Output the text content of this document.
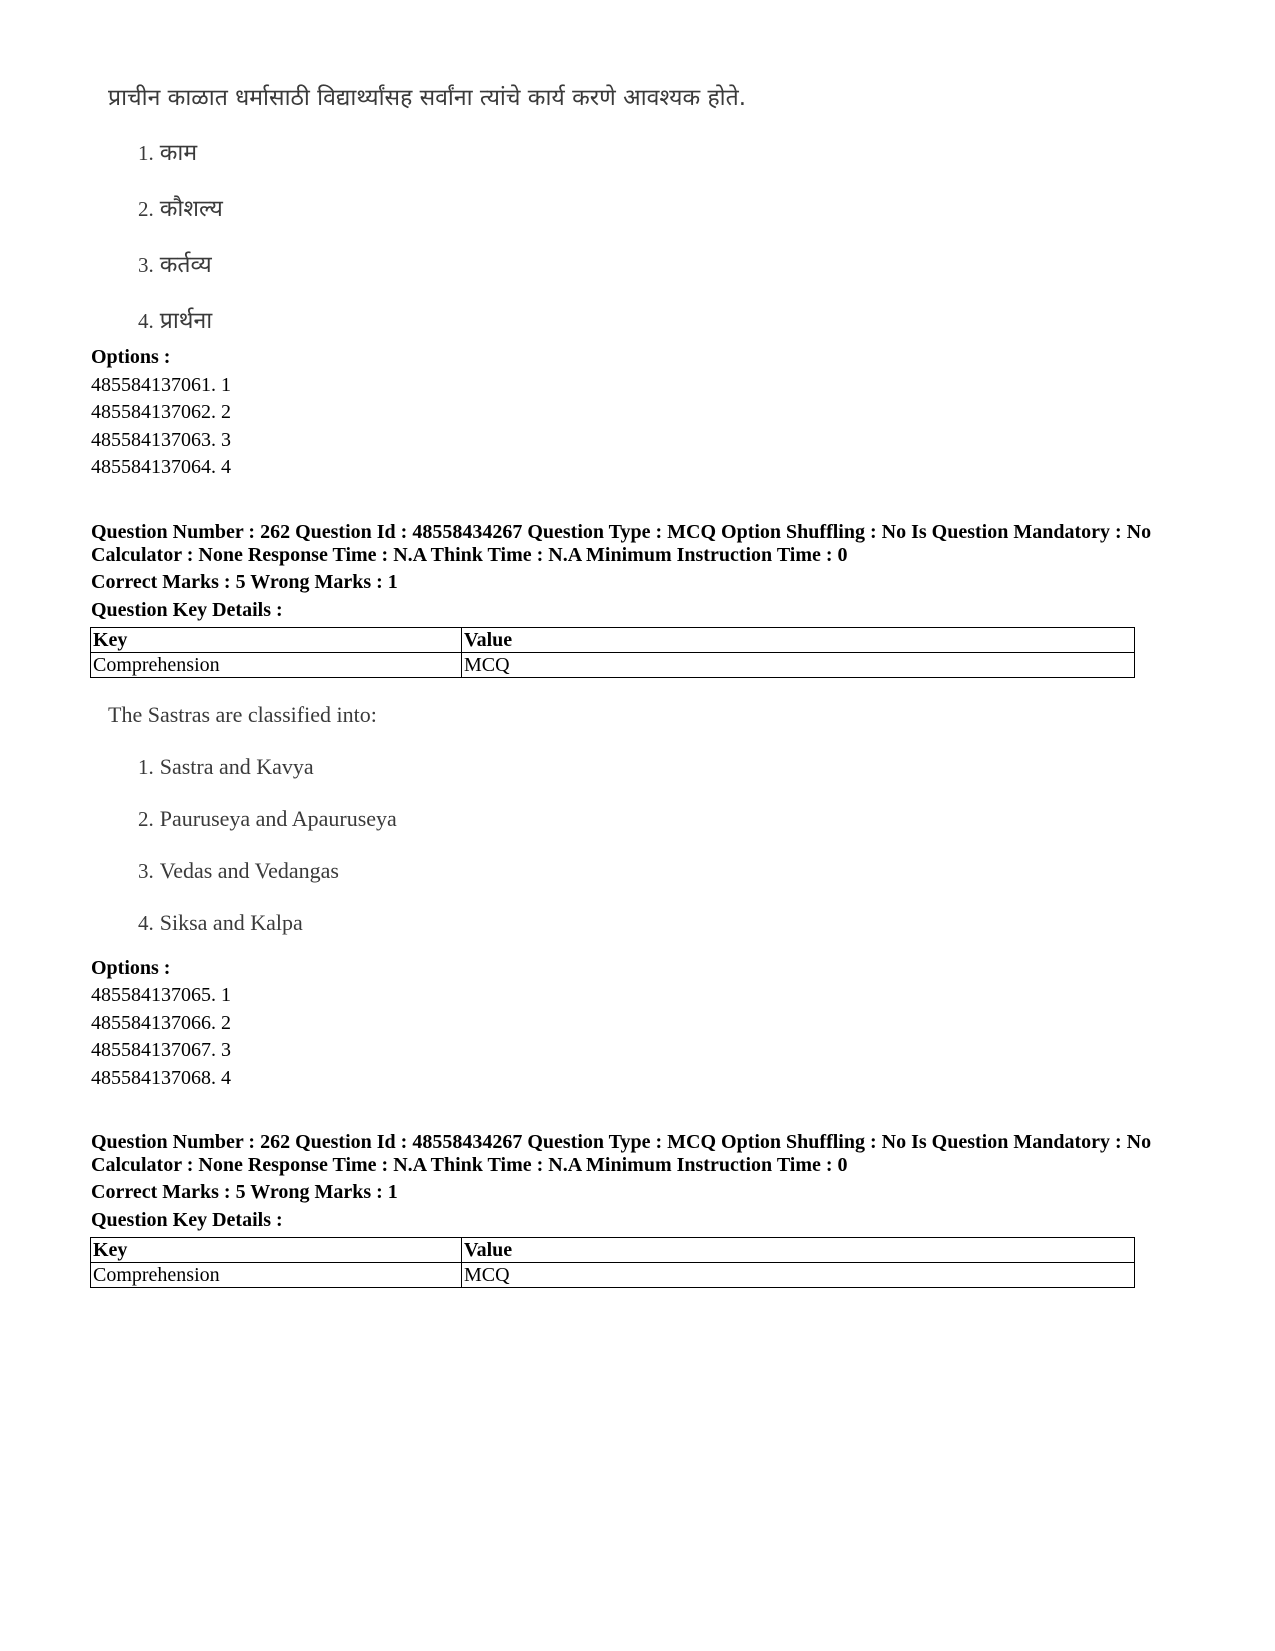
प्राचीन काळात धर्मासाठी विद्यार्थ्यांसह सर्वांना त्यांचे कार्य करणे आवश्यक होते.
1. काम
2. कौशल्य
3. कर्तव्य
4. प्रार्थना
Options :
485584137061. 1
485584137062. 2
485584137063. 3
485584137064. 4
Question Number : 262 Question Id : 48558434267 Question Type : MCQ Option Shuffling : No Is Question Mandatory : No Calculator : None Response Time : N.A Think Time : N.A Minimum Instruction Time : 0
Correct Marks : 5 Wrong Marks : 1
Question Key Details :
Key	Value
Comprehension	MCQ
The Sastras are classified into:
1. Sastra and Kavya
2. Pauruseya and Apauruseya
3. Vedas and Vedangas
4. Siksa and Kalpa
Options :
485584137065. 1
485584137066. 2
485584137067. 3
485584137068. 4
Question Number : 262 Question Id : 48558434267 Question Type : MCQ Option Shuffling : No Is Question Mandatory : No Calculator : None Response Time : N.A Think Time : N.A Minimum Instruction Time : 0
Correct Marks : 5 Wrong Marks : 1
Question Key Details :
Key	Value
Comprehension	MCQ
